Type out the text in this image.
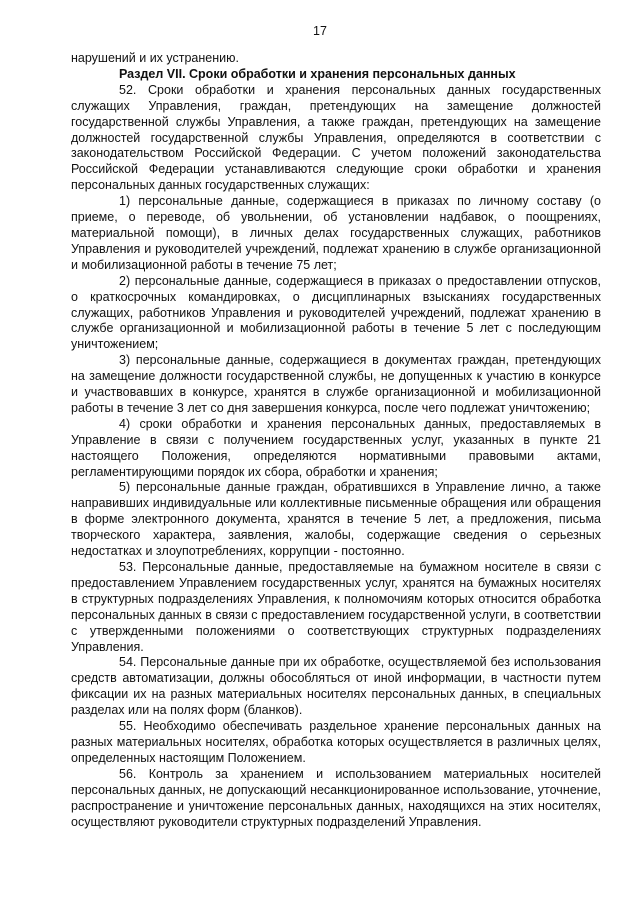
17

нарушений и их устранению.

Раздел VII. Сроки обработки и хранения персональных данных

52. Сроки обработки и хранения персональных данных государственных служащих Управления, граждан, претендующих на замещение должностей государственной службы Управления, а также граждан, претендующих на замещение должностей государственной службы Управления, определяются в соответствии с законодательством Российской Федерации. С учетом положений законодательства Российской Федерации устанавливаются следующие сроки обработки и хранения персональных данных государственных служащих:

1) персональные данные, содержащиеся в приказах по личному составу (о приеме, о переводе, об увольнении, об установлении надбавок, о поощрениях, материальной помощи), в личных делах государственных служащих, работников Управления и руководителей учреждений, подлежат хранению в службе организационной и мобилизационной работы в течение 75 лет;

2) персональные данные, содержащиеся в приказах о предоставлении отпусков, о краткосрочных командировках, о дисциплинарных взысканиях государственных служащих, работников Управления и руководителей учреждений, подлежат хранению в службе организационной и мобилизационной работы в течение 5 лет с последующим уничтожением;

3) персональные данные, содержащиеся в документах граждан, претендующих на замещение должности государственной службы, не допущенных к участию в конкурсе и участвовавших в конкурсе, хранятся в службе организационной и мобилизационной работы в течение 3 лет со дня завершения конкурса, после чего подлежат уничтожению;

4) сроки обработки и хранения персональных данных, предоставляемых в Управление в связи с получением государственных услуг, указанных в пункте 21 настоящего Положения, определяются нормативными правовыми актами, регламентирующими порядок их сбора, обработки и хранения;

5) персональные данные граждан, обратившихся в Управление лично, а также направивших индивидуальные или коллективные письменные обращения или обращения в форме электронного документа, хранятся в течение 5 лет, а предложения, письма творческого характера, заявления, жалобы, содержащие сведения о серьезных недостатках и злоупотреблениях, коррупции - постоянно.

53. Персональные данные, предоставляемые на бумажном носителе в связи с предоставлением Управлением государственных услуг, хранятся на бумажных носителях в структурных подразделениях Управления, к полномочиям которых относится обработка персональных данных в связи с предоставлением государственной услуги, в соответствии с утвержденными положениями о соответствующих структурных подразделениях Управления.

54. Персональные данные при их обработке, осуществляемой без использования средств автоматизации, должны обособляться от иной информации, в частности путем фиксации их на разных материальных носителях персональных данных, в специальных разделах или на полях форм (бланков).

55. Необходимо обеспечивать раздельное хранение персональных данных на разных материальных носителях, обработка которых осуществляется в различных целях, определенных настоящим Положением.

56. Контроль за хранением и использованием материальных носителей персональных данных, не допускающий несанкционированное использование, уточнение, распространение и уничтожение персональных данных, находящихся на этих носителях, осуществляют руководители структурных подразделений Управления.
